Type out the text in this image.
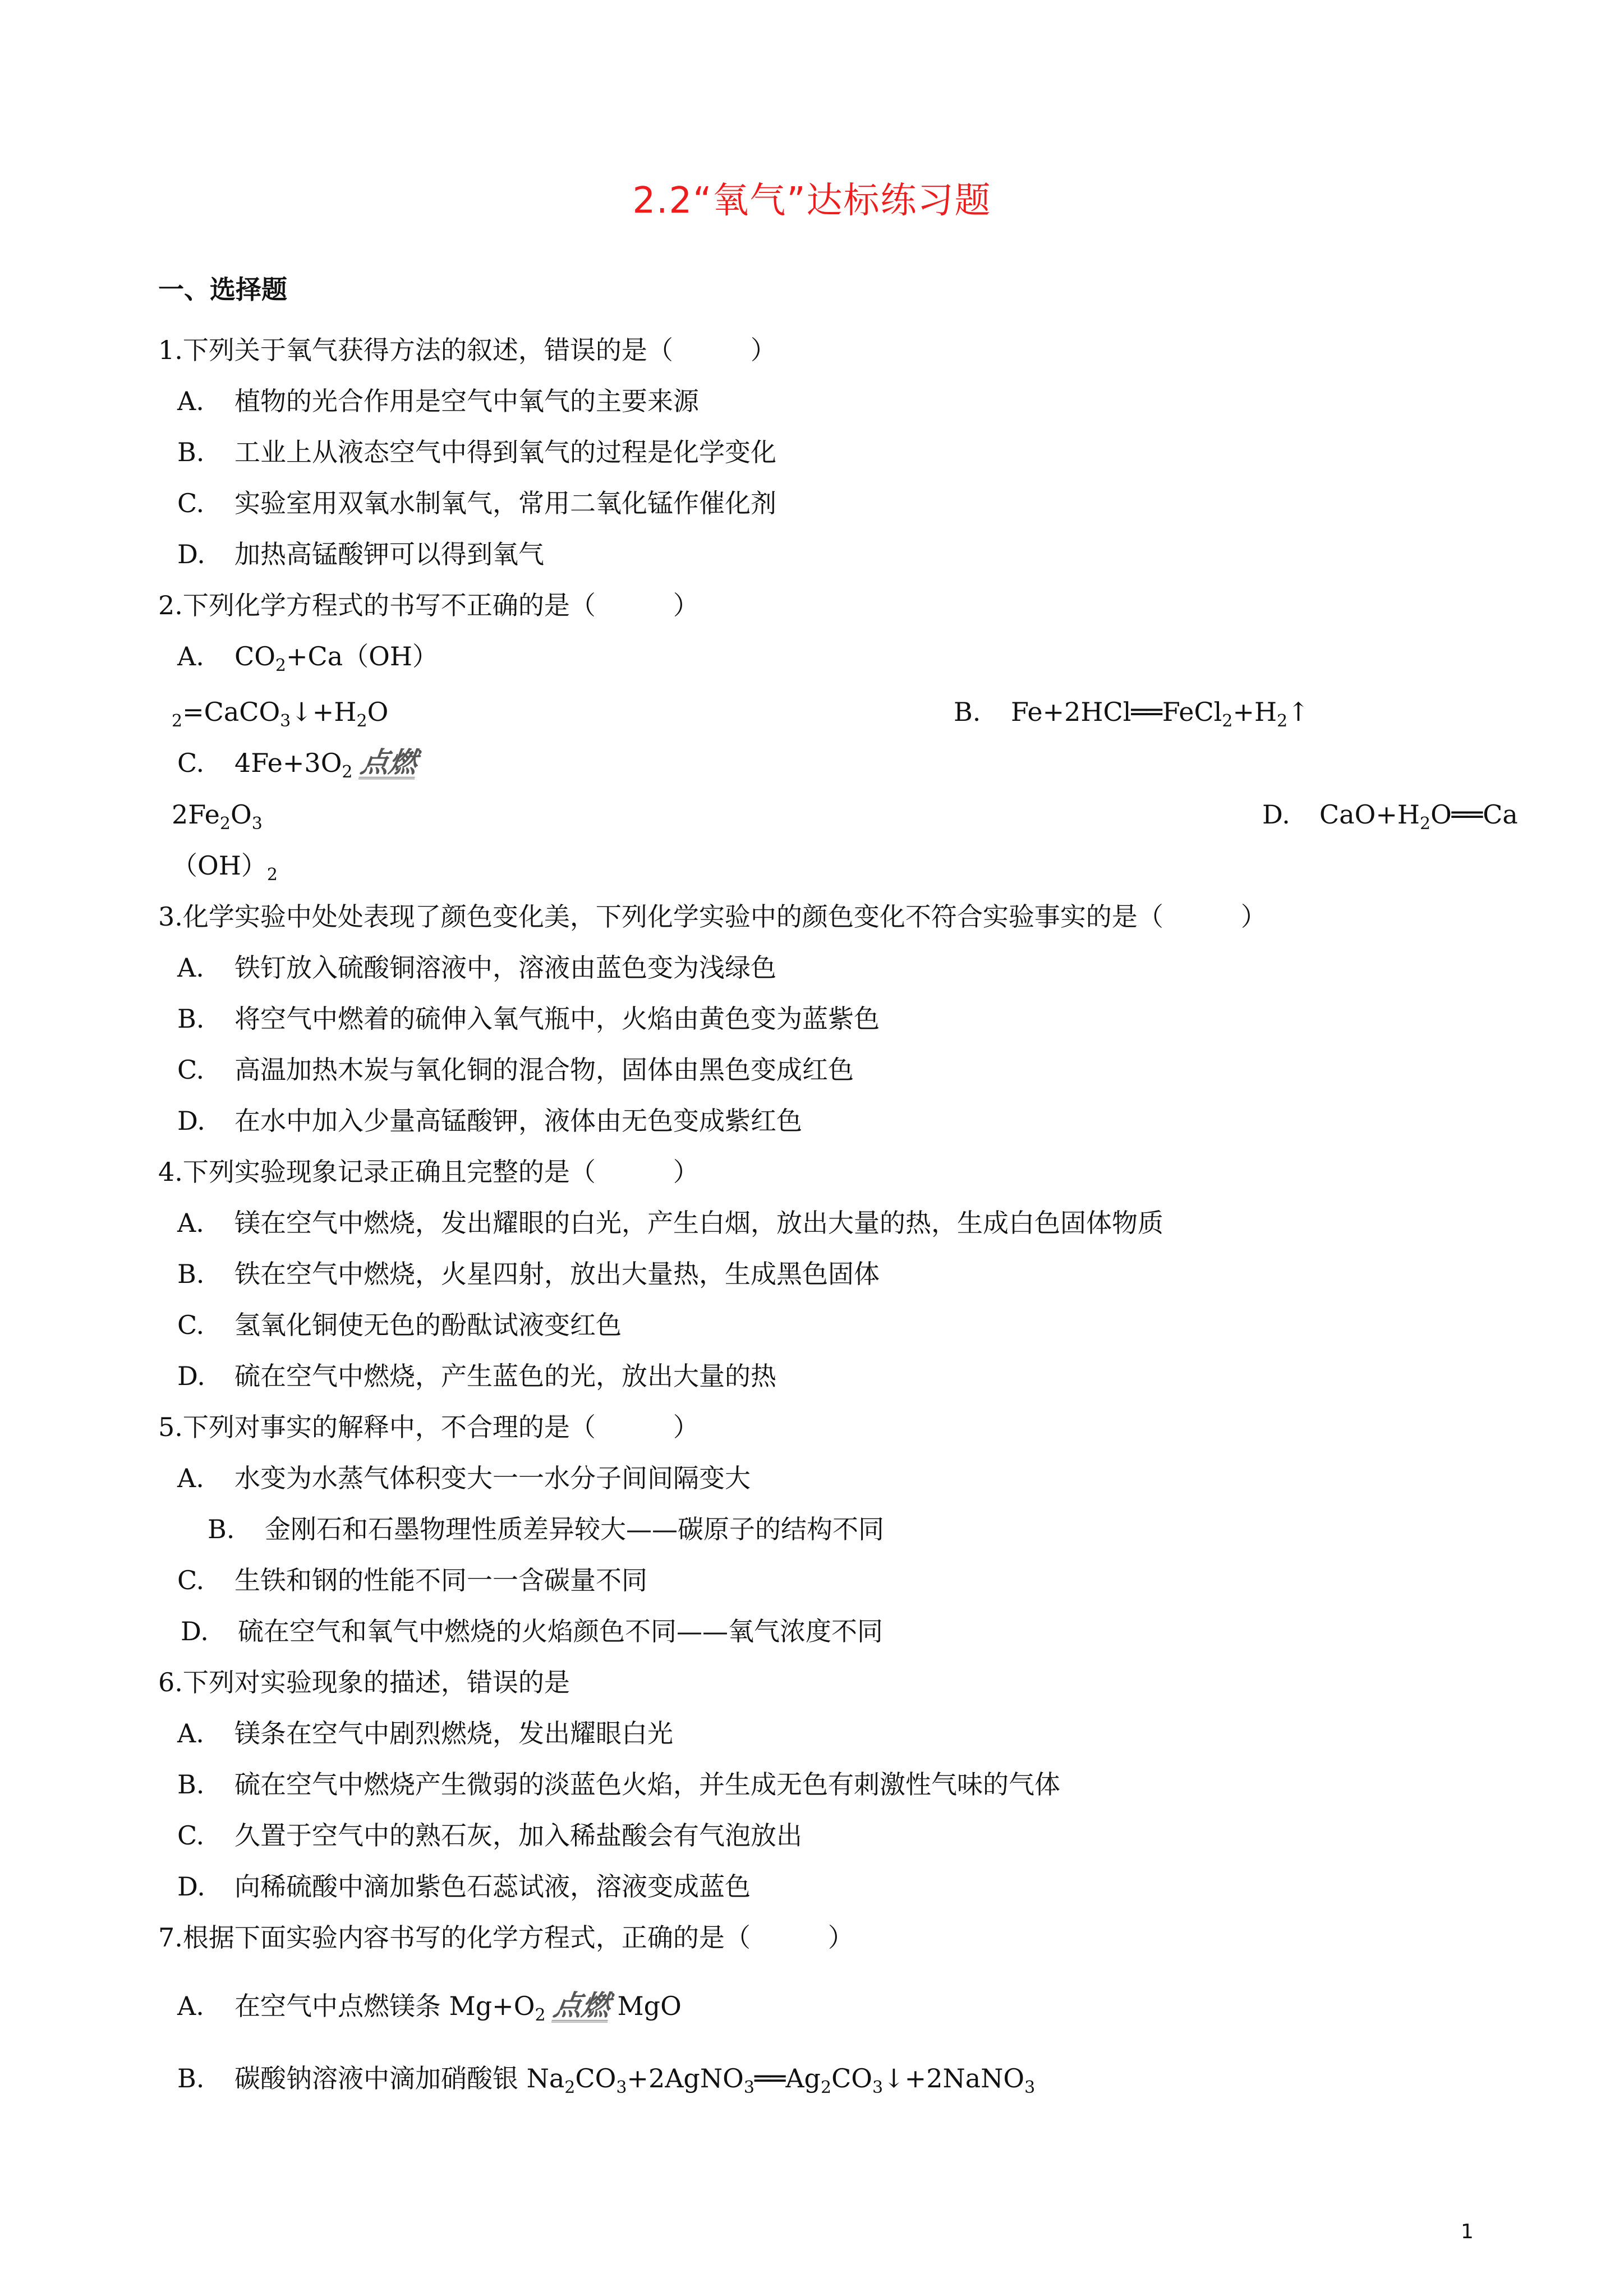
2.2“氧气”达标练习题
一、选择题
1.下列关于氧气获得方法的叙述，错误的是（　　　）
A. 植物的光合作用是空气中氧气的主要来源
B. 工业上从液态空气中得到氧气的过程是化学变化
C. 实验室用双氧水制氧气，常用二氧化锰作催化剂
D. 加热高锰酸钾可以得到氧气
2.下列化学方程式的书写不正确的是（　　　）
A. $CO_2+Ca(OH)$
$_2=CaCO_3↓+H_2O$	B. $Fe+2HCl══FeCl_2+H_2↑$
C. $4Fe+3O_2$ 点燃
$2Fe_2O_3$	D. $CaO+H_2O══Ca$
$(OH)_2$
3.化学实验中处处表现了颜色变化美，下列化学实验中的颜色变化不符合实验事实的是（　　　）
A. 铁钉放入硫酸铜溶液中，溶液由蓝色变为浅绿色
B. 将空气中燃着的硫伸入氧气瓶中，火焰由黄色变为蓝紫色
C. 高温加热木炭与氧化铜的混合物，固体由黑色变成红色
D. 在水中加入少量高锰酸钾，液体由无色变成紫红色
4.下列实验现象记录正确且完整的是（　　　）
A. 镁在空气中燃烧，发出耀眼的白光，产生白烟，放出大量的热，生成白色固体物质
B. 铁在空气中燃烧，火星四射，放出大量热，生成黑色固体
C. 氢氧化铜使无色的酚酞试液变红色
D. 硫在空气中燃烧，产生蓝色的光，放出大量的热
5.下列对事实的解释中，不合理的是（　　　）
A. 水变为水蒸气体积变大一一水分子间间隔变大
B. 金刚石和石墨物理性质差异较大——碳原子的结构不同
C. 生铁和钢的性能不同一一含碳量不同
D. 硫在空气和氧气中燃烧的火焰颜色不同——氧气浓度不同
6.下列对实验现象的描述，错误的是
A. 镁条在空气中剧烈燃烧，发出耀眼白光
B. 硫在空气中燃烧产生微弱的淡蓝色火焰，并生成无色有刺激性气味的气体
C. 久置于空气中的熟石灰，加入稀盐酸会有气泡放出
D. 向稀硫酸中滴加紫色石蕊试液，溶液变成蓝色
7.根据下面实验内容书写的化学方程式，正确的是（　　　）
A. 在空气中点燃镁条 $Mg+O_2$ 点燃 MgO
B. 碳酸钠溶液中滴加硝酸银 $Na_2CO_3+2AgNO_3══Ag_2CO_3↓+2NaNO_3$
1
